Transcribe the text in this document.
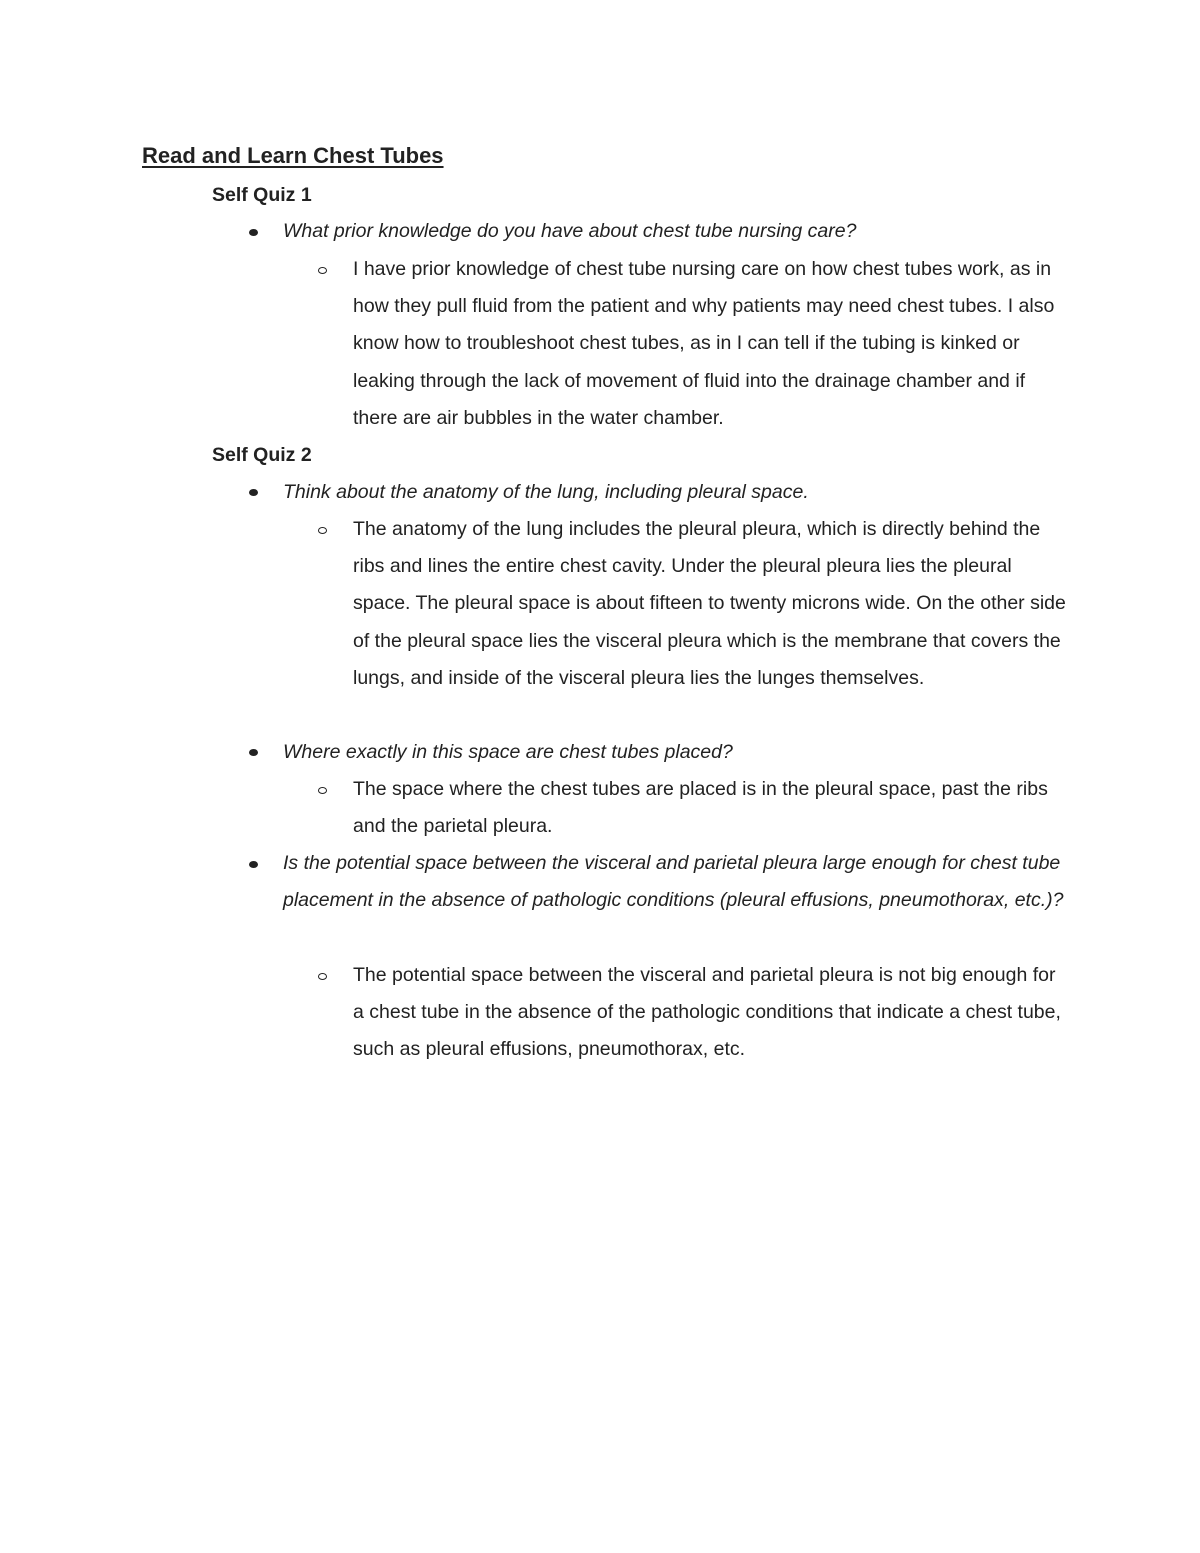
Read and Learn Chest Tubes
Self Quiz 1

What prior knowledge do you have about chest tube nursing care?

I have prior knowledge of chest tube nursing care on how chest tubes work, as in how they pull fluid from the patient and why patients may need chest tubes. I also know how to troubleshoot chest tubes, as in I can tell if the tubing is kinked or leaking through the lack of movement of fluid into the drainage chamber and if there are air bubbles in the water chamber.

Self Quiz 2

Think about the anatomy of the lung, including pleural space.

The anatomy of the lung includes the pleural pleura, which is directly behind the ribs and lines the entire chest cavity. Under the pleural pleura lies the pleural space. The pleural space is about fifteen to twenty microns wide. On the other side of the pleural space lies the visceral pleura which is the membrane that covers the lungs, and inside of the visceral pleura lies the lunges themselves.

Where exactly in this space are chest tubes placed?

The space where the chest tubes are placed is in the pleural space, past the ribs and the parietal pleura.

Is the potential space between the visceral and parietal pleura large enough for chest tube placement in the absence of pathologic conditions (pleural effusions, pneumothorax, etc.)?

The potential space between the visceral and parietal pleura is not big enough for a chest tube in the absence of the pathologic conditions that indicate a chest tube, such as pleural effusions, pneumothorax, etc.
